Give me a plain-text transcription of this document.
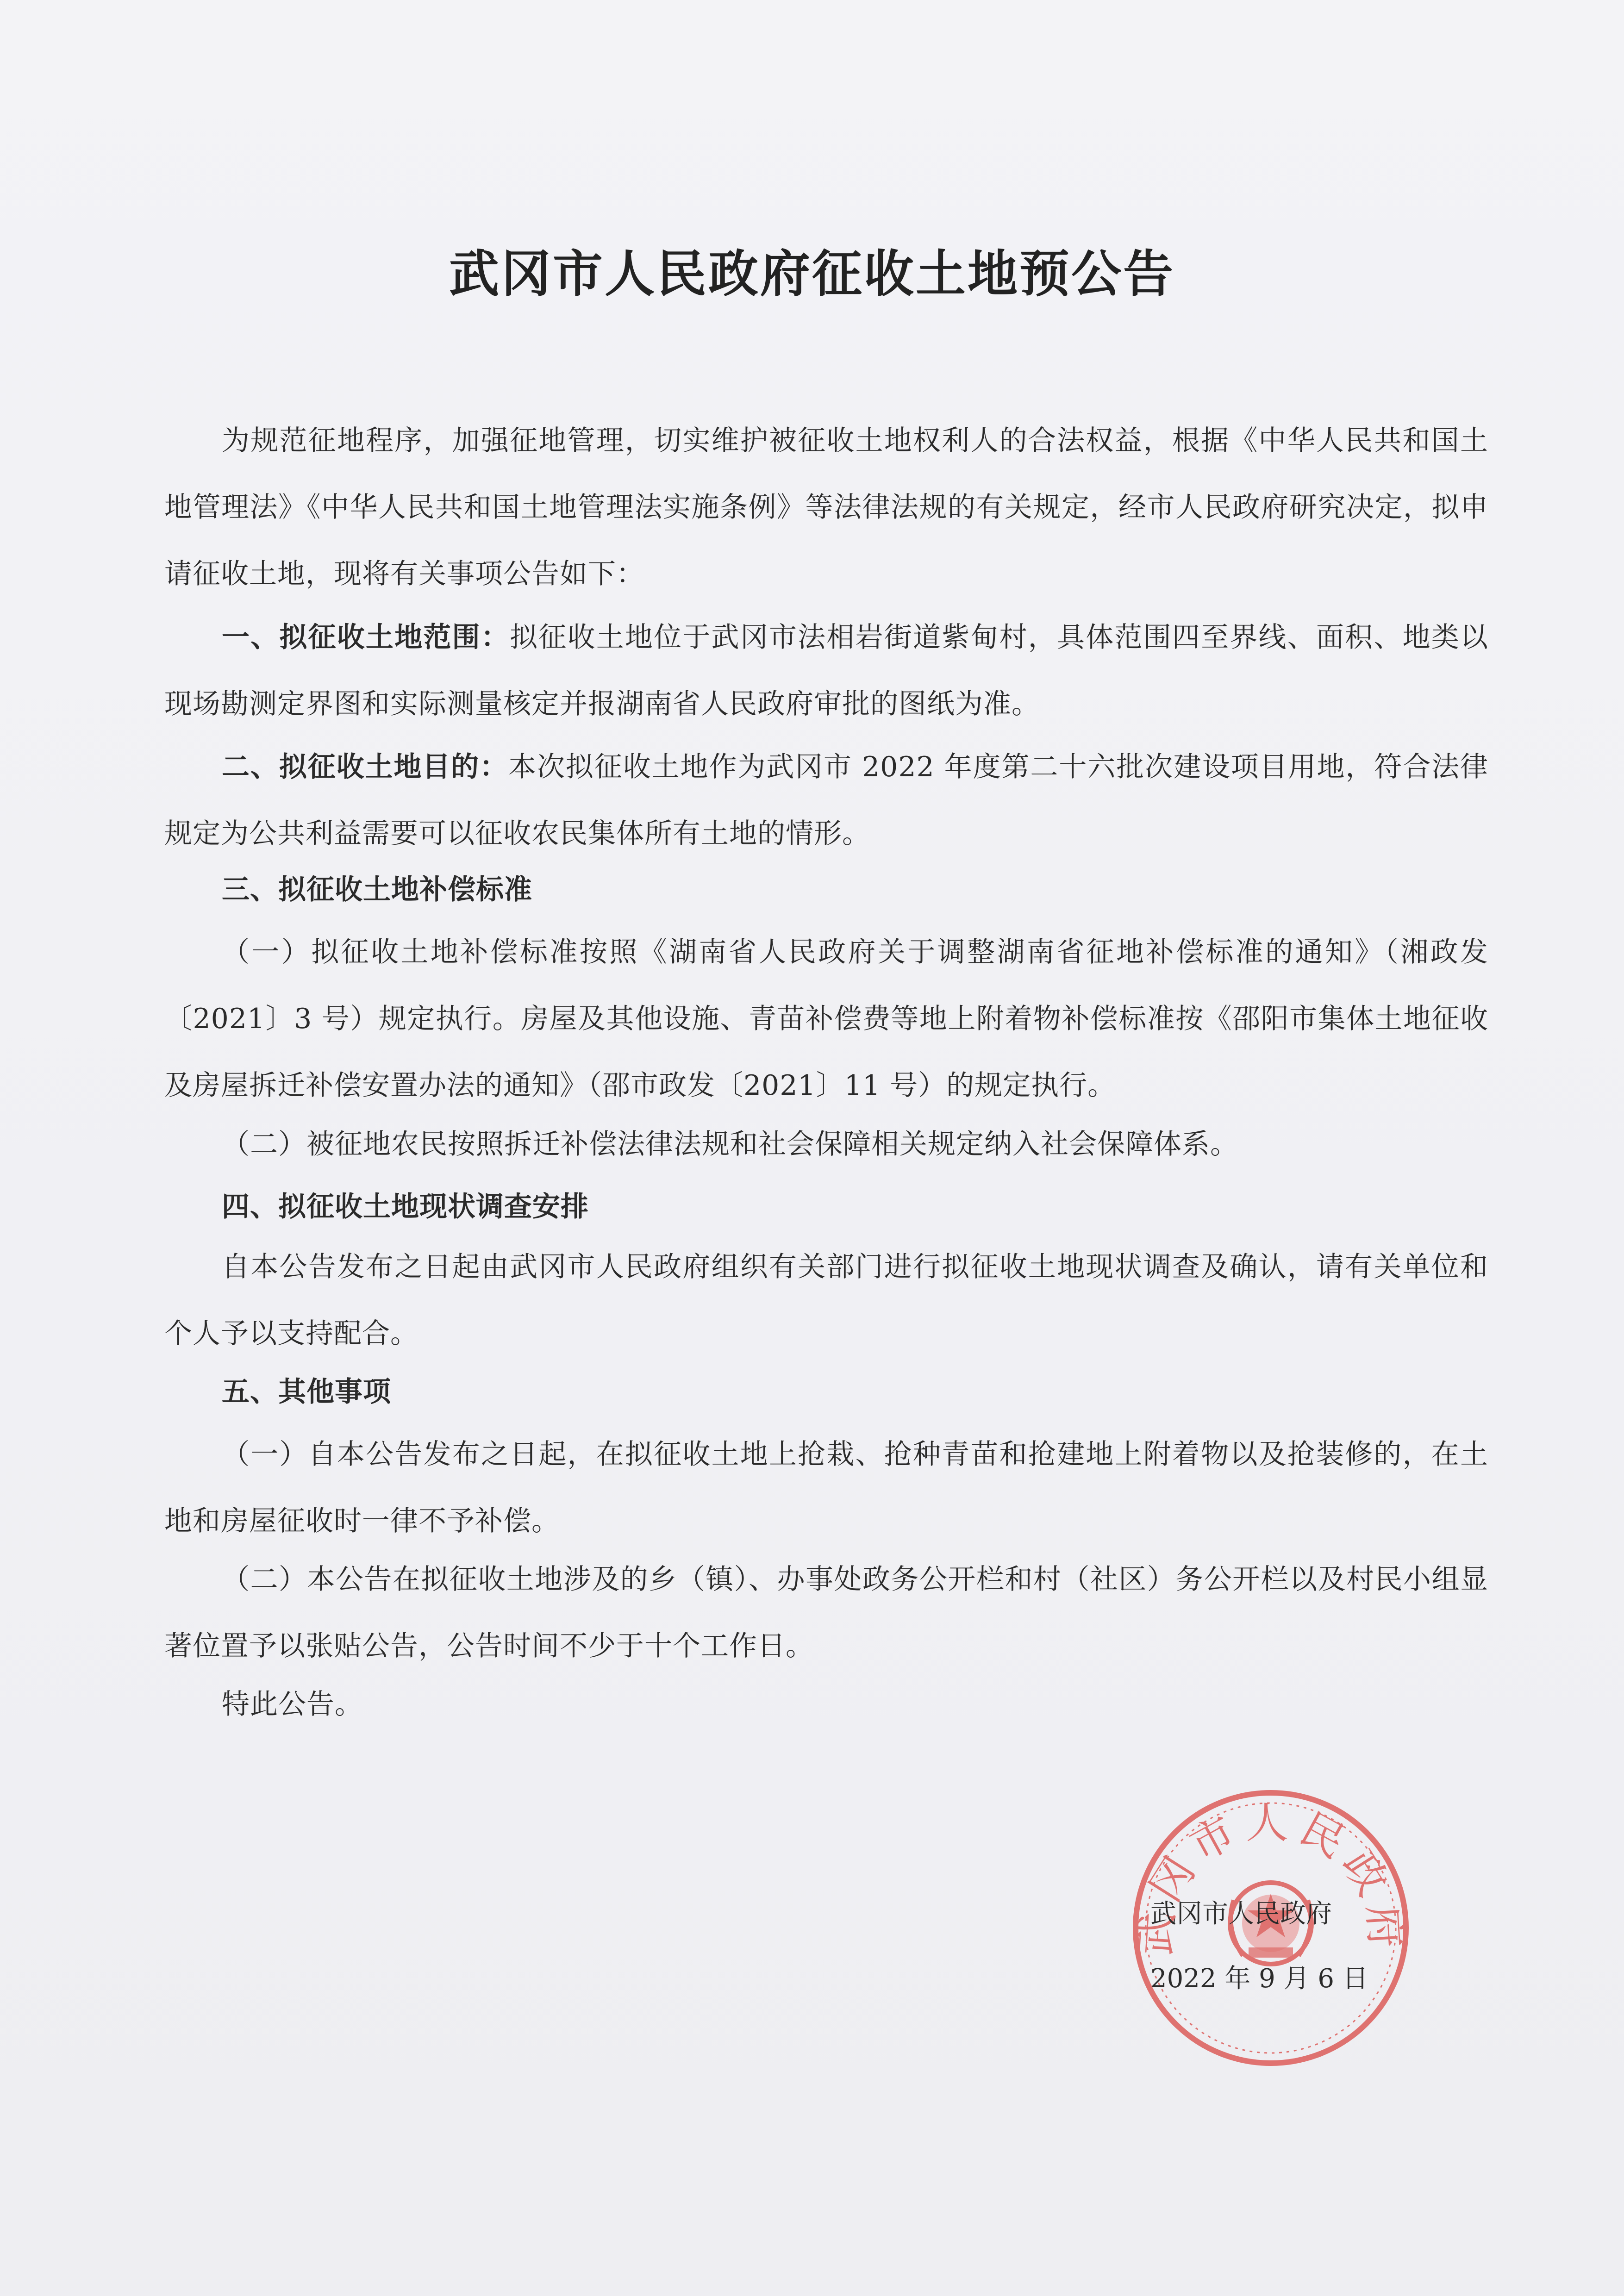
武冈市人民政府征收土地预公告
为规范征地程序，加强征地管理，切实维护被征收土地权利人的合法权益，根据《中华人民共和国土地管理法》《中华人民共和国土地管理法实施条例》等法律法规的有关规定，经市人民政府研究决定，拟申请征收土地，现将有关事项公告如下：
一、拟征收土地范围：拟征收土地位于武冈市法相岩街道紫甸村，具体范围四至界线、面积、地类以现场勘测定界图和实际测量核定并报湖南省人民政府审批的图纸为准。
二、拟征收土地目的：本次拟征收土地作为武冈市 2022 年度第二十六批次建设项目用地，符合法律规定为公共利益需要可以征收农民集体所有土地的情形。
三、拟征收土地补偿标准
（一）拟征收土地补偿标准按照《湖南省人民政府关于调整湖南省征地补偿标准的通知》（湘政发〔2021〕3 号）规定执行。房屋及其他设施、青苗补偿费等地上附着物补偿标准按《邵阳市集体土地征收及房屋拆迁补偿安置办法的通知》（邵市政发〔2021〕11 号）的规定执行。
（二）被征地农民按照拆迁补偿法律法规和社会保障相关规定纳入社会保障体系。
四、拟征收土地现状调查安排
自本公告发布之日起由武冈市人民政府组织有关部门进行拟征收土地现状调查及确认，请有关单位和个人予以支持配合。
五、其他事项
（一）自本公告发布之日起，在拟征收土地上抢栽、抢种青苗和抢建地上附着物以及抢装修的，在土地和房屋征收时一律不予补偿。
（二）本公告在拟征收土地涉及的乡（镇）、办事处政务公开栏和村（社区）务公开栏以及村民小组显著位置予以张贴公告，公告时间不少于十个工作日。
特此公告。
武冈市人民政府
武冈市人民政府
2022 年 9 月 6 日
